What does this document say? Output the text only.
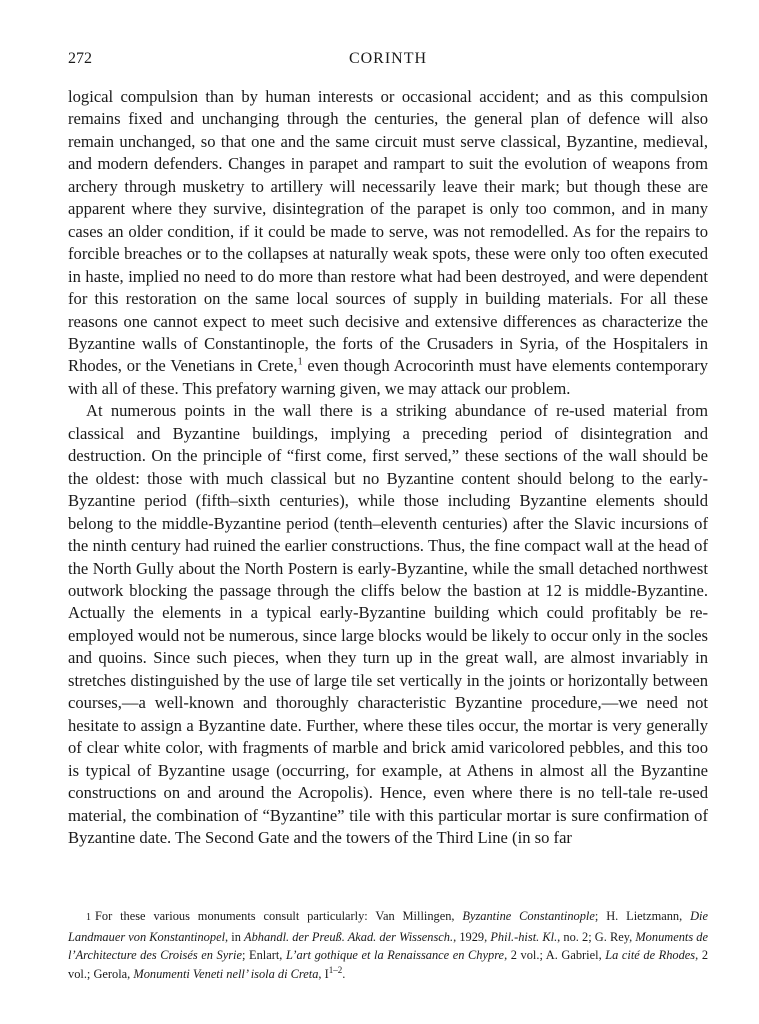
272	CORINTH

logical compulsion than by human interests or occasional accident; and as this compulsion remains fixed and unchanging through the centuries, the general plan of defence will also remain unchanged, so that one and the same circuit must serve classical, Byzantine, medieval, and modern defenders. Changes in parapet and rampart to suit the evolution of weapons from archery through musketry to artillery will necessarily leave their mark; but though these are apparent where they survive, disintegration of the parapet is only too common, and in many cases an older condition, if it could be made to serve, was not remodelled. As for the repairs to forcible breaches or to the collapses at naturally weak spots, these were only too often executed in haste, implied no need to do more than restore what had been destroyed, and were dependent for this restoration on the same local sources of supply in building materials. For all these reasons one cannot expect to meet such decisive and extensive differences as characterize the Byzantine walls of Constantinople, the forts of the Crusaders in Syria, of the Hospitalers in Rhodes, or the Venetians in Crete,$^1$ even though Acrocorinth must have elements contemporary with all of these. This prefatory warning given, we may attack our problem.

At numerous points in the wall there is a striking abundance of re-used material from classical and Byzantine buildings, implying a preceding period of disintegration and destruction. On the principle of “first come, first served,” these sections of the wall should be the oldest: those with much classical but no Byzantine content should belong to the early-Byzantine period (fifth–sixth centuries), while those including Byzantine elements should belong to the middle-Byzantine period (tenth–eleventh centuries) after the Slavic incursions of the ninth century had ruined the earlier constructions. Thus, the fine compact wall at the head of the North Gully about the North Postern is early-Byzantine, while the small detached northwest outwork blocking the passage through the cliffs below the bastion at 12 is middle-Byzantine. Actually the elements in a typical early-Byzantine building which could profitably be re-employed would not be numerous, since large blocks would be likely to occur only in the socles and quoins. Since such pieces, when they turn up in the great wall, are almost invariably in stretches distinguished by the use of large tile set vertically in the joints or horizontally between courses,—a well-known and thoroughly characteristic Byzantine procedure,—we need not hesitate to assign a Byzantine date. Further, where these tiles occur, the mortar is very generally of clear white color, with fragments of marble and brick amid varicolored pebbles, and this too is typical of Byzantine usage (occurring, for example, at Athens in almost all the Byzantine constructions on and around the Acropolis). Hence, even where there is no tell-tale re-used material, the combination of “Byzantine” tile with this particular mortar is sure confirmation of Byzantine date. The Second Gate and the towers of the Third Line (in so far

1 For these various monuments consult particularly: Van Millingen, Byzantine Constantinople; H. Lietzmann, Die Landmauer von Konstantinopel, in Abhandl. der Preuß. Akad. der Wissensch., 1929, Phil.-hist. Kl., no. 2; G. Rey, Monuments de l’Architecture des Croisés en Syrie; Enlart, L’art gothique et la Renaissance en Chypre, 2 vol.; A. Gabriel, La cité de Rhodes, 2 vol.; Gerola, Monumenti Veneti nell’ isola di Creta, I$^{1-2}$.
